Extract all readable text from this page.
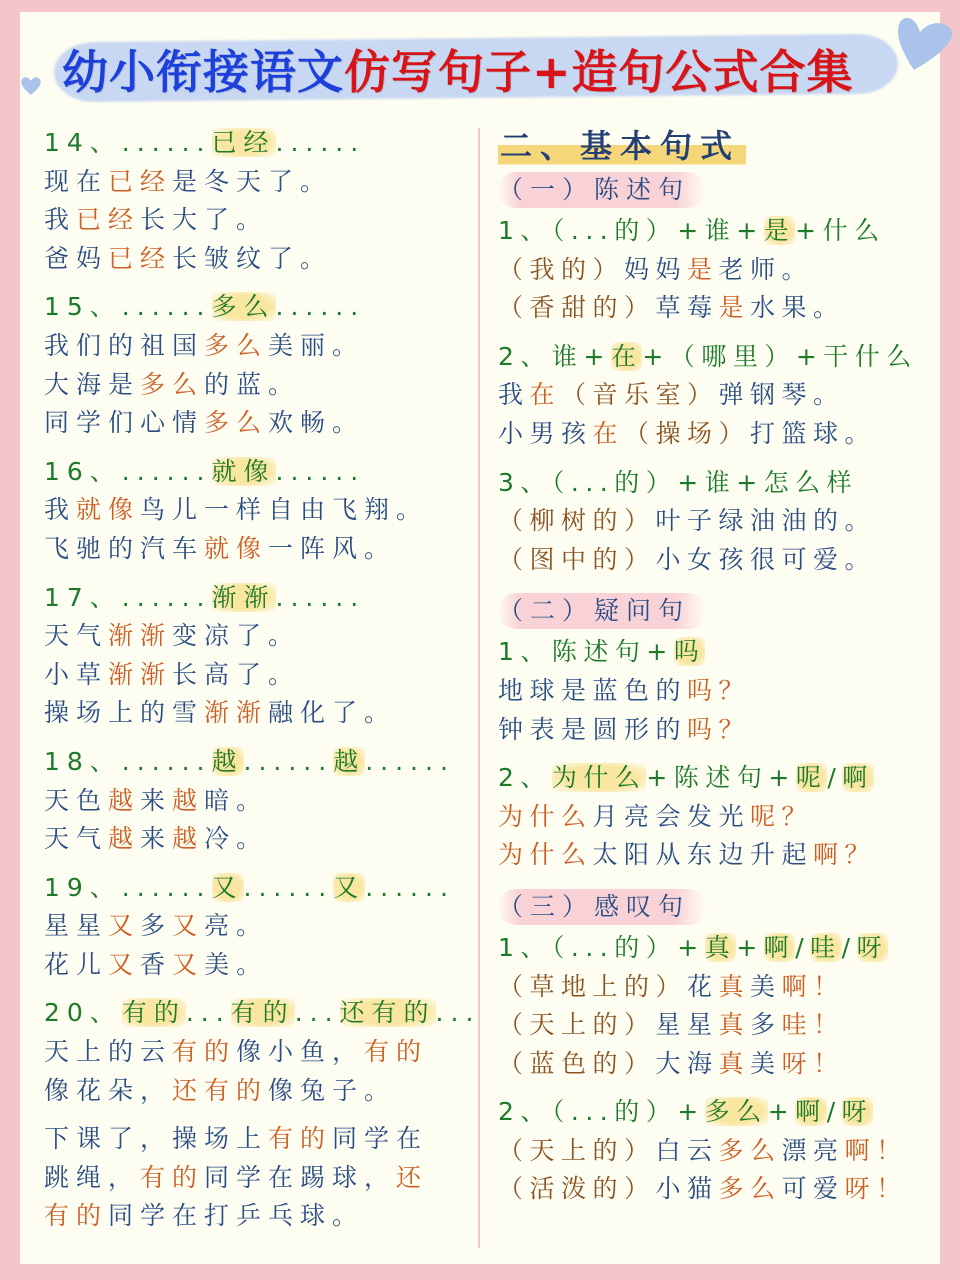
幼小衔接语文仿写句子+造句公式合集
14、......已经......
现在已经是冬天了。
我已经长大了。
爸妈已经长皱纹了。
15、......多么......
我们的祖国多么美丽。
大海是多么的蓝。
同学们心情多么欢畅。
16、......就像......
我就像鸟儿一样自由飞翔。
飞驰的汽车就像一阵风。
17、......渐渐......
天气渐渐变凉了。
小草渐渐长高了。
操场上的雪渐渐融化了。
18、......越......越......
天色越来越暗。
天气越来越冷。
19、......又......又......
星星又多又亮。
花儿又香又美。
20、有的...有的...还有的...
天上的云有的像小鱼，有的
像花朵，还有的像兔子。
下课了，操场上有的同学在
跳绳，有的同学在踢球，还
有的同学在打乒乓球。
二、基本句式
（一）陈述句
1、（...的）+谁+是+什么
（我的）妈妈是老师。
（香甜的）草莓是水果。
2、谁+在+（哪里）+干什么
我在（音乐室）弹钢琴。
小男孩在（操场）打篮球。
3、（...的）+谁+怎么样
（柳树的）叶子绿油油的。
（图中的）小女孩很可爱。
（二）疑问句
1、陈述句+吗
地球是蓝色的吗？
钟表是圆形的吗？
2、为什么+陈述句+呢/啊
为什么月亮会发光呢？
为什么太阳从东边升起啊？
（三）感叹句
1、（...的）+真+啊/哇/呀
（草地上的）花真美啊！
（天上的）星星真多哇！
（蓝色的）大海真美呀！
2、（...的）+多么+啊/呀
（天上的）白云多么漂亮啊！
（活泼的）小猫多么可爱呀！
